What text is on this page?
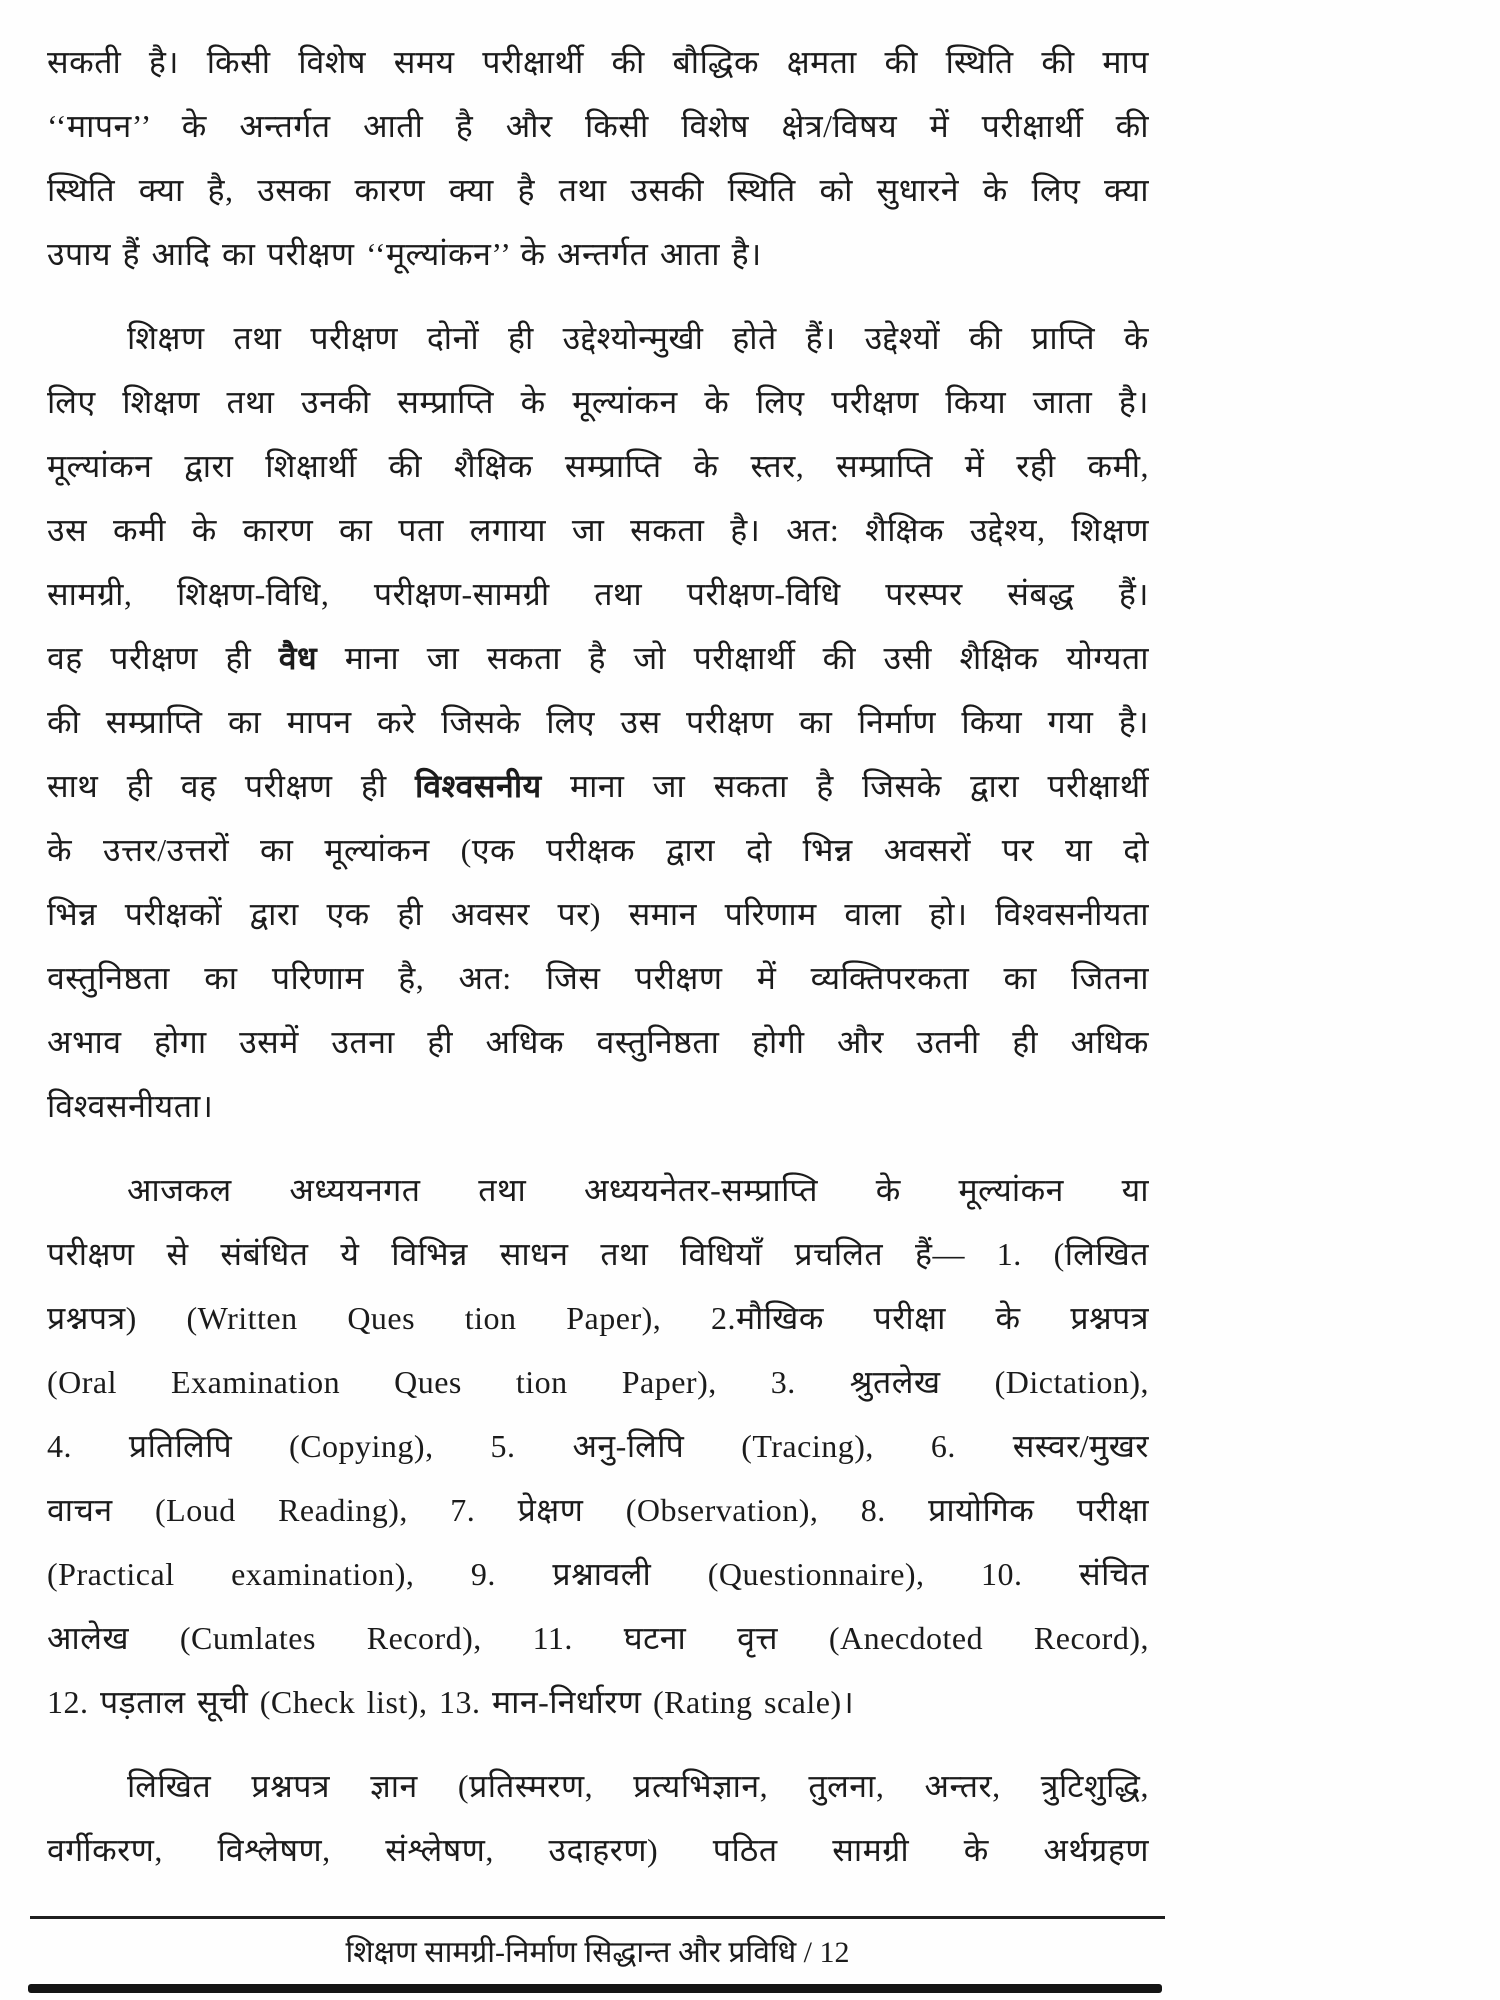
सकती है। किसी विशेष समय परीक्षार्थी की बौद्धिक क्षमता की स्थिति की माप
‘‘मापन’’ के अन्तर्गत आती है और किसी विशेष क्षेत्र/विषय में परीक्षार्थी की
स्थिति क्या है, उसका कारण क्या है तथा उसकी स्थिति को सुधारने के लिए क्या
उपाय हैं आदि का परीक्षण ‘‘मूल्यांकन’’ के अन्तर्गत आता है।
शिक्षण तथा परीक्षण दोनों ही उद्देश्योन्मुखी होते हैं। उद्देश्यों की प्राप्ति के
लिए शिक्षण तथा उनकी सम्प्राप्ति के मूल्यांकन के लिए परीक्षण किया जाता है।
मूल्यांकन द्वारा शिक्षार्थी की शैक्षिक सम्प्राप्ति के स्तर, सम्प्राप्ति में रही कमी,
उस कमी के कारण का पता लगाया जा सकता है। अत: शैक्षिक उद्देश्य, शिक्षण
सामग्री, शिक्षण-विधि, परीक्षण-सामग्री तथा परीक्षण-विधि परस्पर संबद्ध हैं।
वह परीक्षण ही वैध माना जा सकता है जो परीक्षार्थी की उसी शैक्षिक योग्यता
की सम्प्राप्ति का मापन करे जिसके लिए उस परीक्षण का निर्माण किया गया है।
साथ ही वह परीक्षण ही विश्वसनीय माना जा सकता है जिसके द्वारा परीक्षार्थी
के उत्तर/उत्तरों का मूल्यांकन (एक परीक्षक द्वारा दो भिन्न अवसरों पर या दो
भिन्न परीक्षकों द्वारा एक ही अवसर पर) समान परिणाम वाला हो। विश्वसनीयता
वस्तुनिष्ठता का परिणाम है, अत: जिस परीक्षण में व्यक्तिपरकता का जितना
अभाव होगा उसमें उतना ही अधिक वस्तुनिष्ठता होगी और उतनी ही अधिक
विश्वसनीयता।
आजकल अध्ययनगत तथा अध्ययनेतर-सम्प्राप्ति के मूल्यांकन या
परीक्षण से संबंधित ये विभिन्न साधन तथा विधियाँ प्रचलित हैं— 1. (लिखित
प्रश्नपत्र) (Written Ques tion Paper), 2.मौखिक परीक्षा के प्रश्नपत्र
(Oral Examination Ques tion Paper), 3. श्रुतलेख (Dictation),
4. प्रतिलिपि (Copying), 5. अनु-लिपि (Tracing), 6. सस्वर/मुखर
वाचन (Loud Reading), 7. प्रेक्षण (Observation), 8. प्रायोगिक परीक्षा
(Practical examination), 9. प्रश्नावली (Questionnaire), 10. संचित
आलेख (Cumlates Record), 11. घटना वृत्त (Anecdoted Record),
12. पड़ताल सूची (Check list), 13. मान-निर्धारण (Rating scale)।
लिखित प्रश्नपत्र ज्ञान (प्रतिस्मरण, प्रत्यभिज्ञान, तुलना, अन्तर, त्रुटिशुद्धि,
वर्गीकरण, विश्लेषण, संश्लेषण, उदाहरण) पठित सामग्री के अर्थग्रहण
शिक्षण सामग्री-निर्माण सिद्धान्त और प्रविधि / 12
